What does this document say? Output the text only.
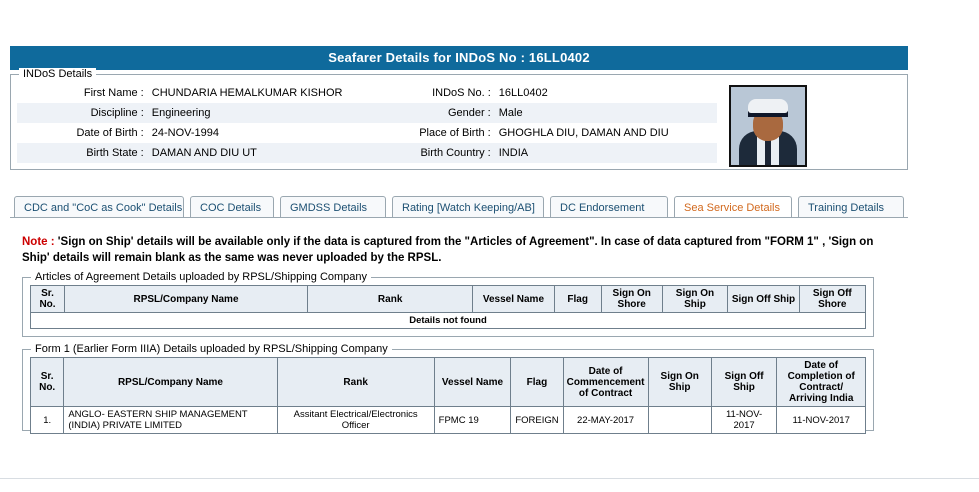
Seafarer Details for INDoS No : 16LL0402
INDoS Details
First Name :	CHUNDARIA HEMALKUMAR KISHOR	INDoS No. :	16LL0402
Discipline :	Engineering	Gender :	Male
Date of Birth :	24-NOV-1994	Place of Birth :	GHOGHLA DIU, DAMAN AND DIU
Birth State :	DAMAN AND DIU UT	Birth Country :	INDIA
CDC and "CoC as Cook" Details	COC Details	GMDSS Details	Rating [Watch Keeping/AB]	DC Endorsement	Sea Service Details	Training Details
Note : 'Sign on Ship' details will be available only if the data is captured from the "Articles of Agreement". In case of data captured from "FORM 1" , 'Sign on Ship' details will remain blank as the same was never uploaded by the RPSL.
Articles of Agreement Details uploaded by RPSL/Shipping Company
Sr. No.	RPSL/Company Name	Rank	Vessel Name	Flag	Sign On Shore	Sign On Ship	Sign Off Ship	Sign Off Shore
Details not found
Form 1 (Earlier Form IIIA) Details uploaded by RPSL/Shipping Company
Sr. No.	RPSL/Company Name	Rank	Vessel Name	Flag	Date of Commencement of Contract	Sign On Ship	Sign Off Ship	Date of Completion of Contract/ Arriving India
1.	ANGLO- EASTERN SHIP MANAGEMENT (INDIA) PRIVATE LIMITED	Assitant Electrical/Electronics Officer	FPMC 19	FOREIGN	22-MAY-2017		11-NOV-2017	11-NOV-2017
